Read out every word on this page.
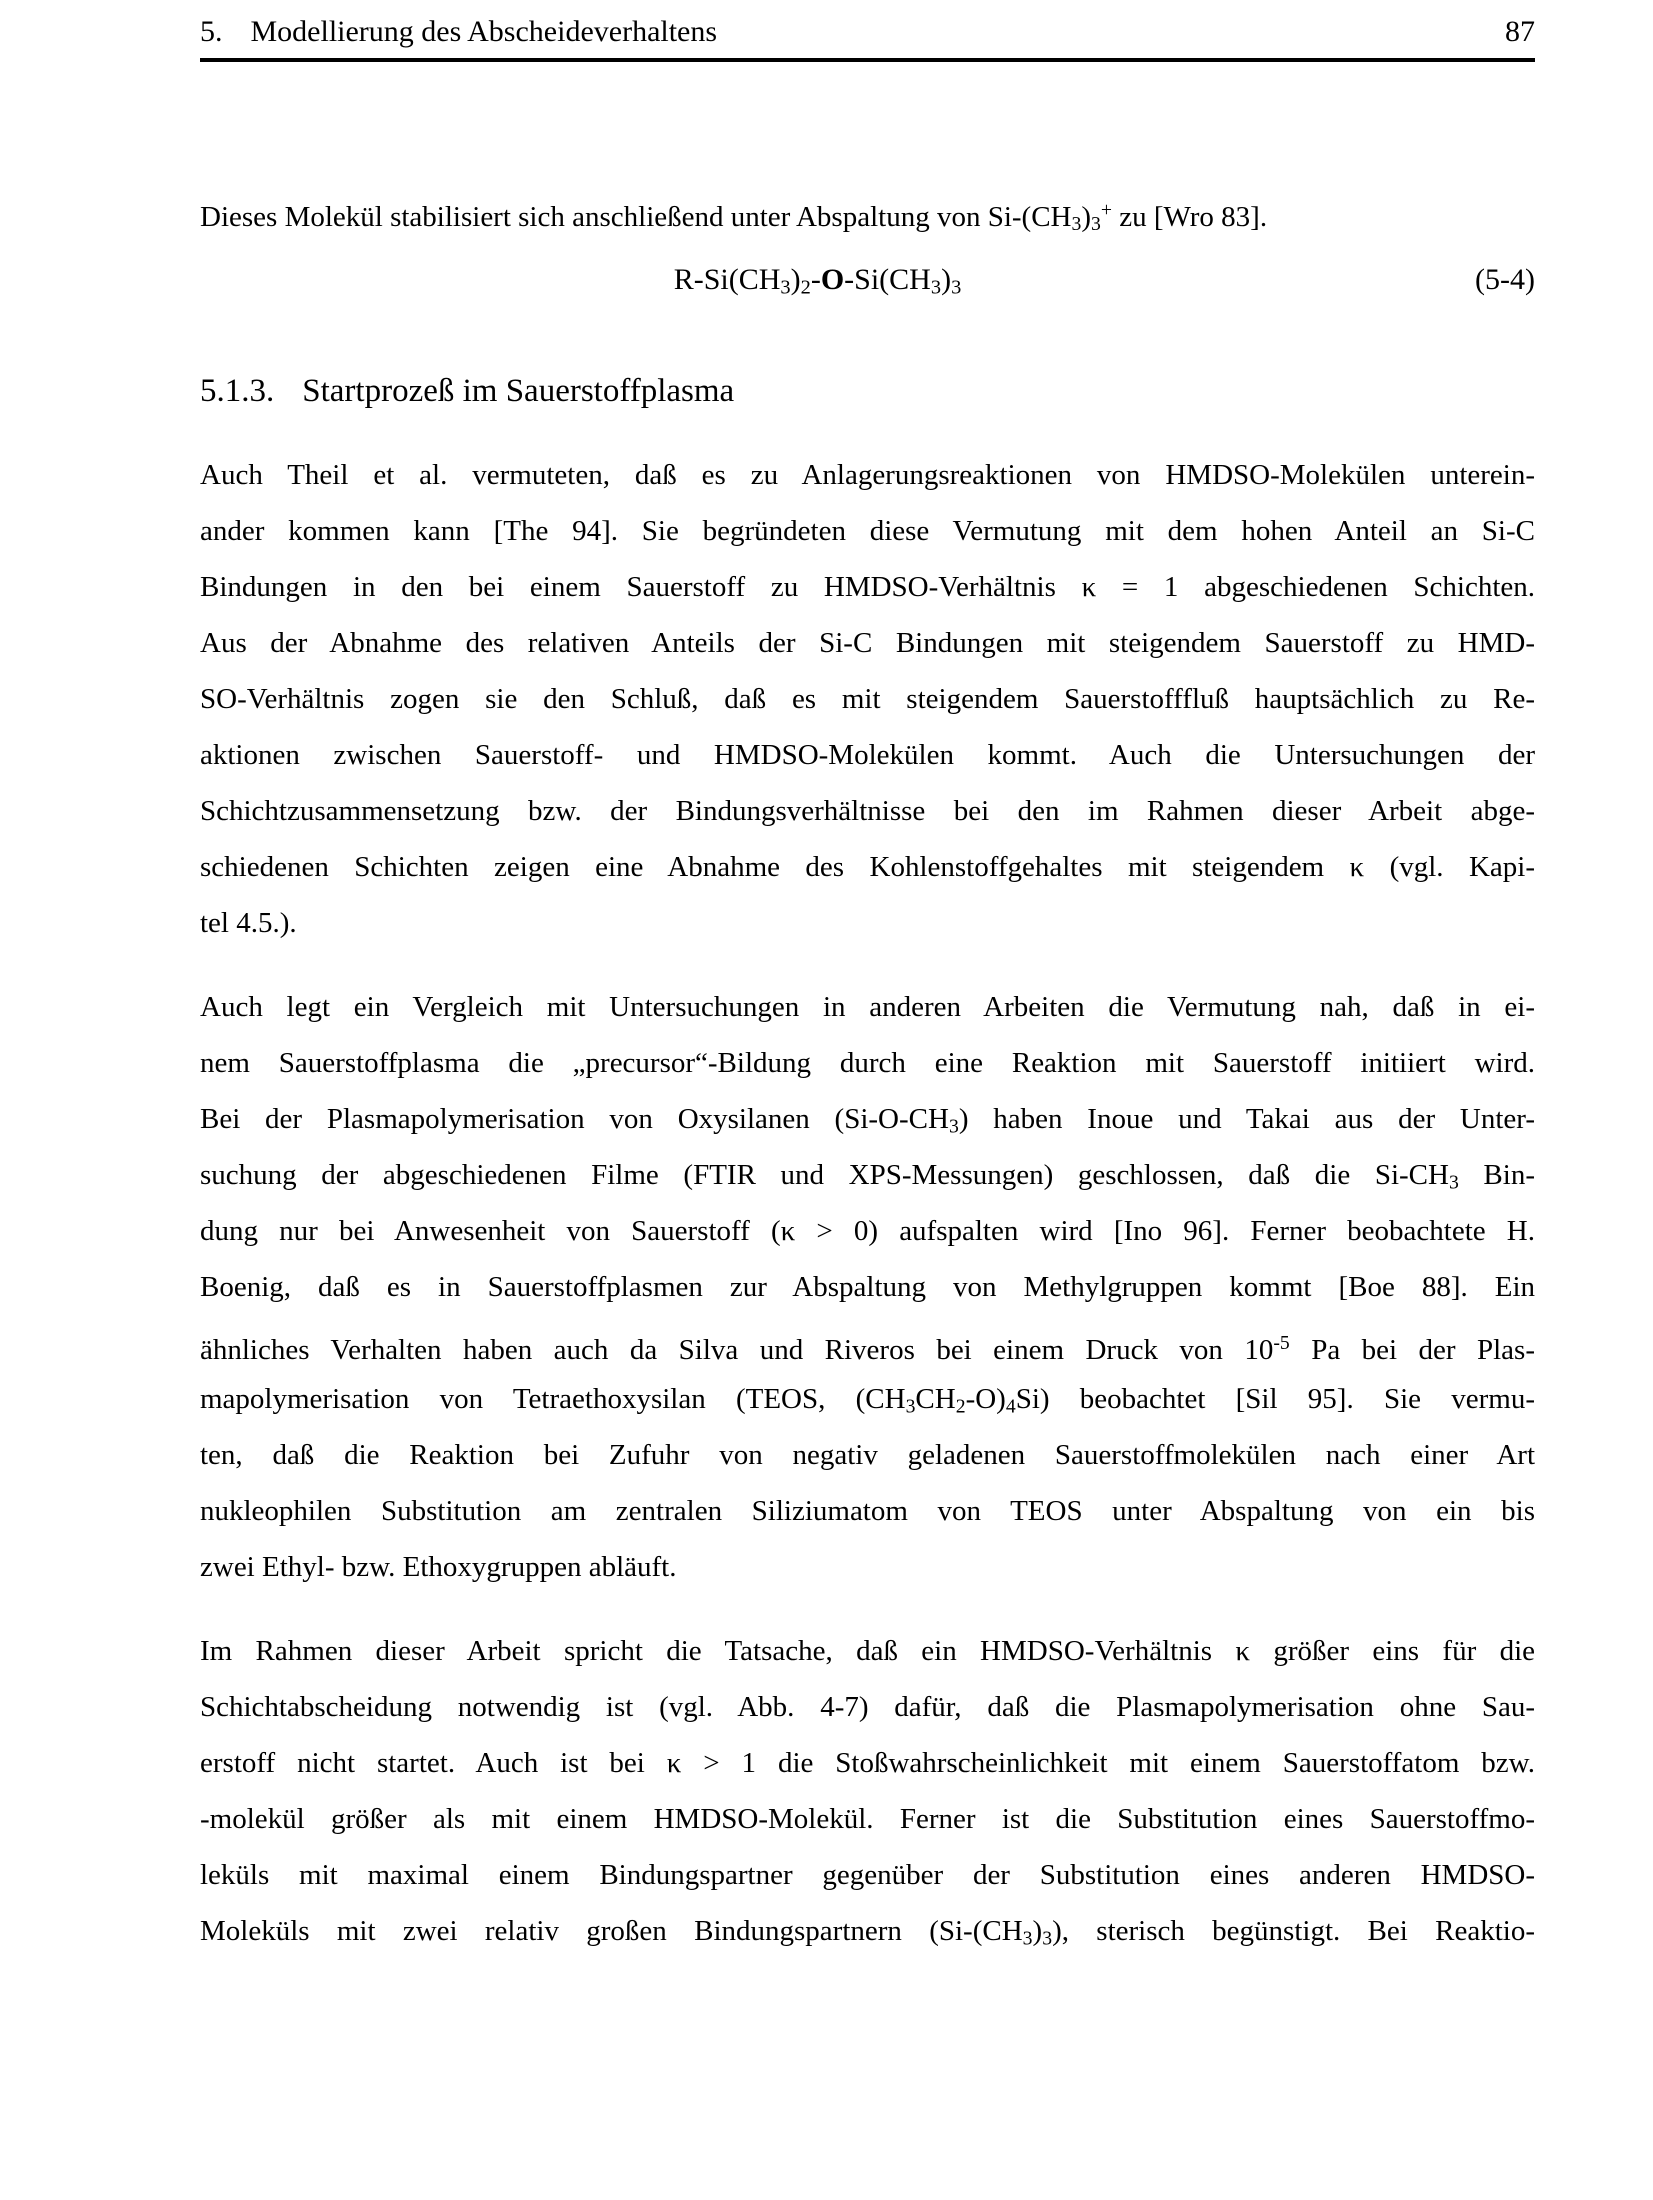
5. Modellierung des Abscheideverhaltens	87
Dieses Molekül stabilisiert sich anschließend unter Abspaltung von Si-(CH3)3+ zu [Wro 83].
R-Si(CH3)2-O-Si(CH3)3	(5-4)
5.1.3. Startprozeß im Sauerstoffplasma
Auch Theil et al. vermuteten, daß es zu Anlagerungsreaktionen von HMDSO-Molekülen unterein-
ander kommen kann [The 94]. Sie begründeten diese Vermutung mit dem hohen Anteil an Si-C
Bindungen in den bei einem Sauerstoff zu HMDSO-Verhältnis κ = 1 abgeschiedenen Schichten.
Aus der Abnahme des relativen Anteils der Si-C Bindungen mit steigendem Sauerstoff zu HMD-
SO-Verhältnis zogen sie den Schluß, daß es mit steigendem Sauerstofffluß hauptsächlich zu Re-
aktionen zwischen Sauerstoff- und HMDSO-Molekülen kommt. Auch die Untersuchungen der
Schichtzusammensetzung bzw. der Bindungsverhältnisse bei den im Rahmen dieser Arbeit abge-
schiedenen Schichten zeigen eine Abnahme des Kohlenstoffgehaltes mit steigendem κ (vgl. Kapi-
tel 4.5.).
Auch legt ein Vergleich mit Untersuchungen in anderen Arbeiten die Vermutung nah, daß in ei-
nem Sauerstoffplasma die „precursor“-Bildung durch eine Reaktion mit Sauerstoff initiiert wird.
Bei der Plasmapolymerisation von Oxysilanen (Si-O-CH3) haben Inoue und Takai aus der Unter-
suchung der abgeschiedenen Filme (FTIR und XPS-Messungen) geschlossen, daß die Si-CH3 Bin-
dung nur bei Anwesenheit von Sauerstoff (κ > 0) aufspalten wird [Ino 96]. Ferner beobachtete H.
Boenig, daß es in Sauerstoffplasmen zur Abspaltung von Methylgruppen kommt [Boe 88]. Ein
ähnliches Verhalten haben auch da Silva und Riveros bei einem Druck von $10^{-5}$ Pa bei der Plas-
mapolymerisation von Tetraethoxysilan (TEOS, (CH3CH2-O)4Si) beobachtet [Sil 95]. Sie vermu-
ten, daß die Reaktion bei Zufuhr von negativ geladenen Sauerstoffmolekülen nach einer Art
nukleophilen Substitution am zentralen Siliziumatom von TEOS unter Abspaltung von ein bis
zwei Ethyl- bzw. Ethoxygruppen abläuft.
Im Rahmen dieser Arbeit spricht die Tatsache, daß ein HMDSO-Verhältnis κ größer eins für die
Schichtabscheidung notwendig ist (vgl. Abb. 4-7) dafür, daß die Plasmapolymerisation ohne Sau-
erstoff nicht startet. Auch ist bei κ > 1 die Stoßwahrscheinlichkeit mit einem Sauerstoffatom bzw.
-molekül größer als mit einem HMDSO-Molekül. Ferner ist die Substitution eines Sauerstoffmo-
leküls mit maximal einem Bindungspartner gegenüber der Substitution eines anderen HMDSO-
Moleküls mit zwei relativ großen Bindungspartnern (Si-(CH3)3), sterisch begünstigt. Bei Reaktio-
